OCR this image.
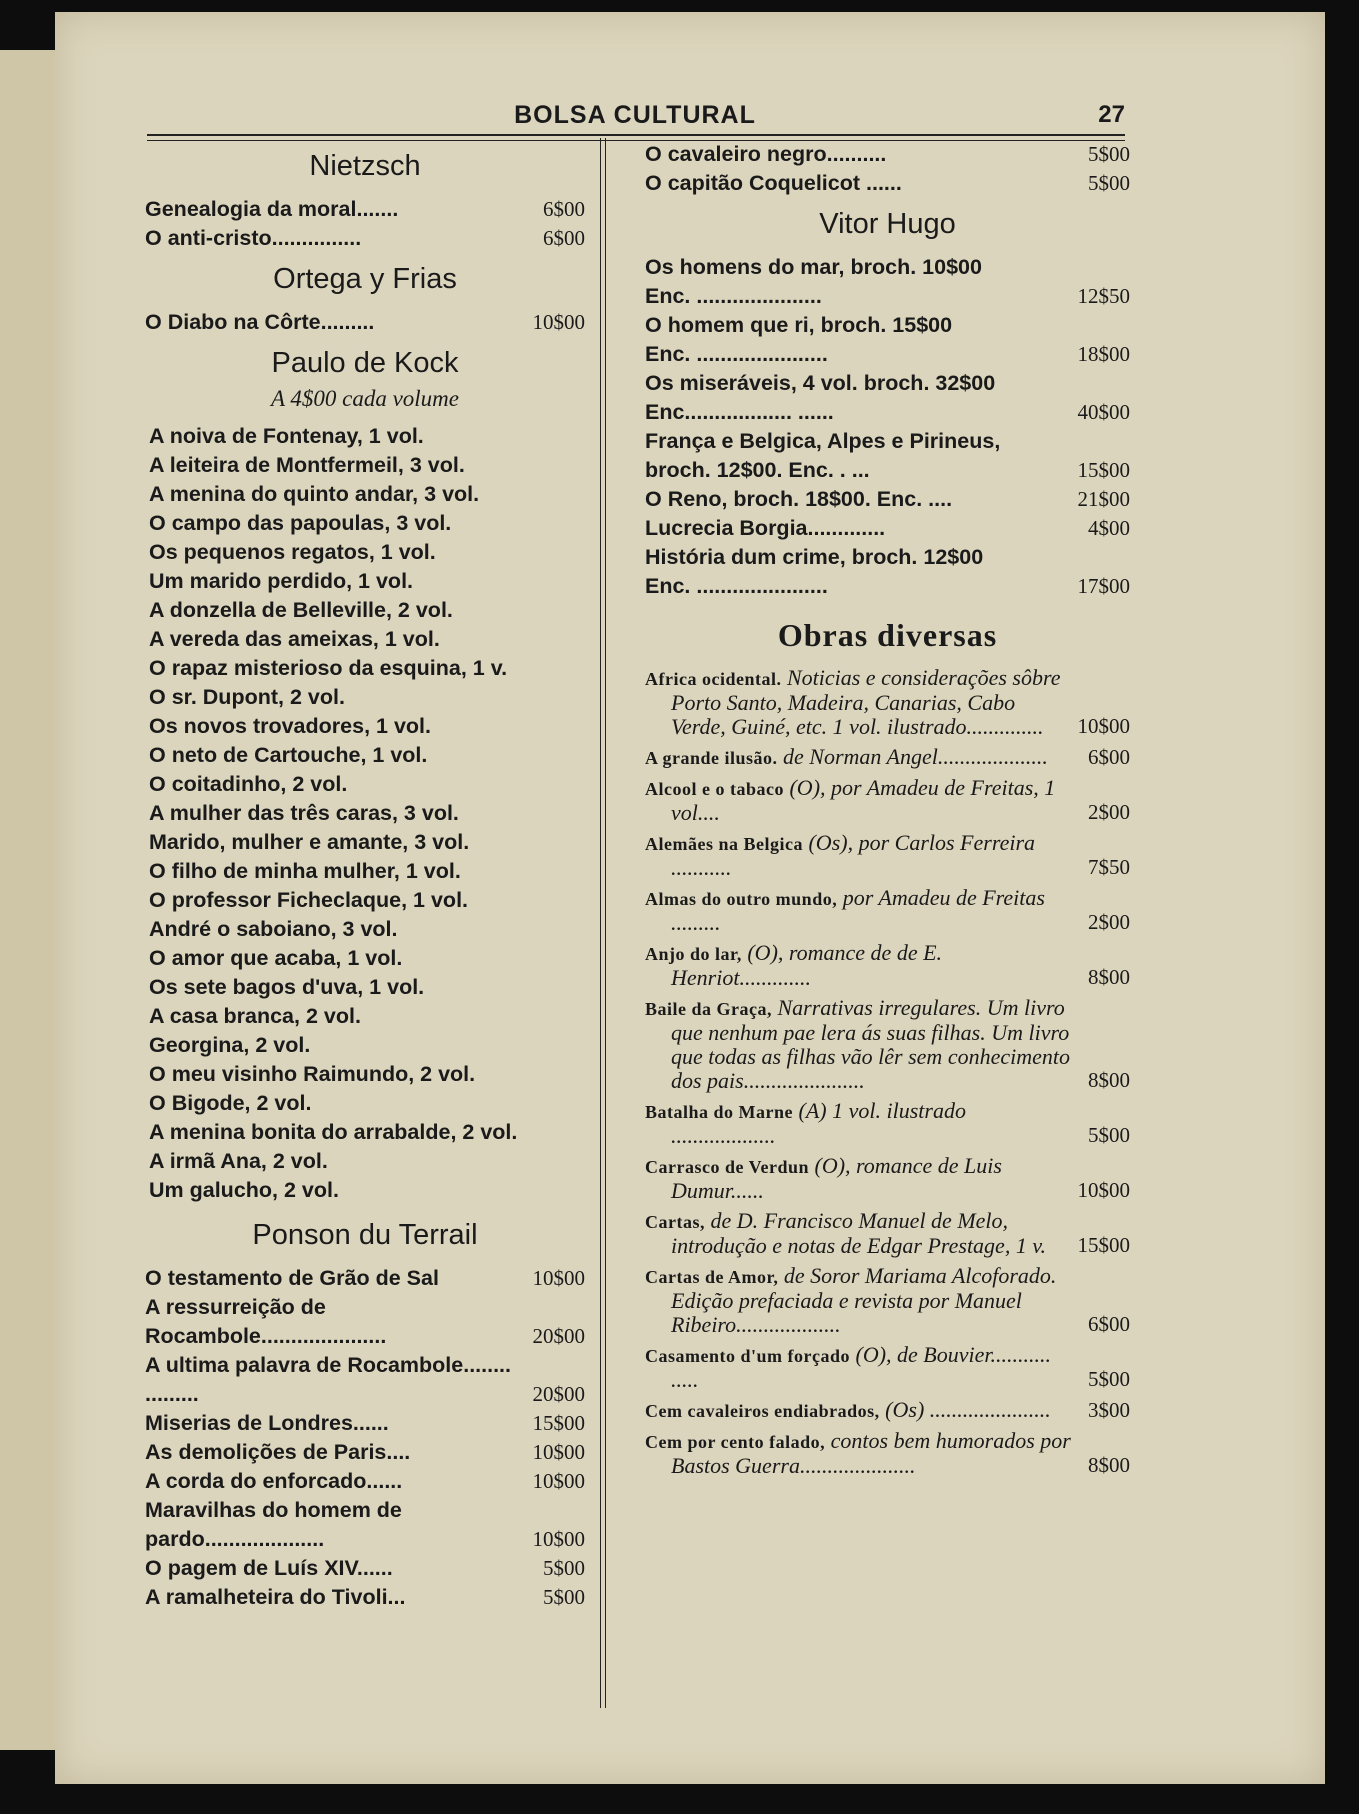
BOLSA CULTURAL	27
Nietzsch
Genealogia da moral.......	6$00
O anti-cristo...............	6$00
Ortega y Frias
O Diabo na Côrte.........	10$00
Paulo de Kock
A 4$00 cada volume
A noiva de Fontenay, 1 vol.
A leiteira de Montfermeil, 3 vol.
A menina do quinto andar, 3 vol.
O campo das papoulas, 3 vol.
Os pequenos regatos, 1 vol.
Um marido perdido, 1 vol.
A donzella de Belleville, 2 vol.
A vereda das ameixas, 1 vol.
O rapaz misterioso da esquina, 1 v.
O sr. Dupont, 2 vol.
Os novos trovadores, 1 vol.
O neto de Cartouche, 1 vol.
O coitadinho, 2 vol.
A mulher das três caras, 3 vol.
Marido, mulher e amante, 3 vol.
O filho de minha mulher, 1 vol.
O professor Ficheclaque, 1 vol.
André o saboiano, 3 vol.
O amor que acaba, 1 vol.
Os sete bagos d'uva, 1 vol.
A casa branca, 2 vol.
Georgina, 2 vol.
O meu visinho Raimundo, 2 vol.
O Bigode, 2 vol.
A menina bonita do arrabalde, 2 vol.
A irmã Ana, 2 vol.
Um galucho, 2 vol.
Ponson du Terrail
O testamento de Grão de Sal	10$00
A ressurreição de Rocambole.....................	20$00
A ultima palavra de Rocambole........ .........	20$00
Miserias de Londres......	15$00
As demolições de Paris....	10$00
A corda do enforcado......	10$00
Maravilhas do homem de pardo....................	10$00
O pagem de Luís XIV......	5$00
A ramalheteira do Tivoli...	5$00
O cavaleiro negro..........	5$00
O capitão Coquelicot ......	5$00
Vitor Hugo
Os homens do mar, broch. 10$00
Enc. .....................	12$50
O homem que ri, broch. 15$00
Enc. ......................	18$00
Os miseráveis, 4 vol. broch. 32$00
Enc.................. ......	40$00
França e Belgica, Alpes e Pirineus, broch. 12$00. Enc. . ...	15$00
O Reno, broch. 18$00. Enc. ....	21$00
Lucrecia Borgia.............	4$00
História dum crime, broch. 12$00
Enc. ......................	17$00
Obras diversas
Africa ocidental. Noticias e considerações sôbre Porto Santo, Madeira, Canarias, Cabo Verde, Guiné, etc. 1 vol. ilustrado..............	10$00
A grande ilusão. de Norman Angel....................	6$00
Alcool e o tabaco (O), por Amadeu de Freitas, 1 vol....	2$00
Alemães na Belgica (Os), por Carlos Ferreira ...........	7$50
Almas do outro mundo, por Amadeu de Freitas .........	2$00
Anjo do lar, (O), romance de de E. Henriot.............	8$00
Baile da Graça, Narrativas irregulares. Um livro que nenhum pae lera ás suas filhas. Um livro que todas as filhas vão lêr sem conhecimento dos pais......................	8$00
Batalha do Marne (A) 1 vol. ilustrado ...................	5$00
Carrasco de Verdun (O), romance de Luis Dumur......	10$00
Cartas, de D. Francisco Manuel de Melo, introdução e notas de Edgar Prestage, 1 v.	15$00
Cartas de Amor, de Soror Mariama Alcoforado. Edição prefaciada e revista por Manuel Ribeiro...................	6$00
Casamento d'um forçado (O), de Bouvier........... .....	5$00
Cem cavaleiros endiabrados, (Os) ......................	3$00
Cem por cento falado, contos bem humorados por Bastos Guerra.....................	8$00
